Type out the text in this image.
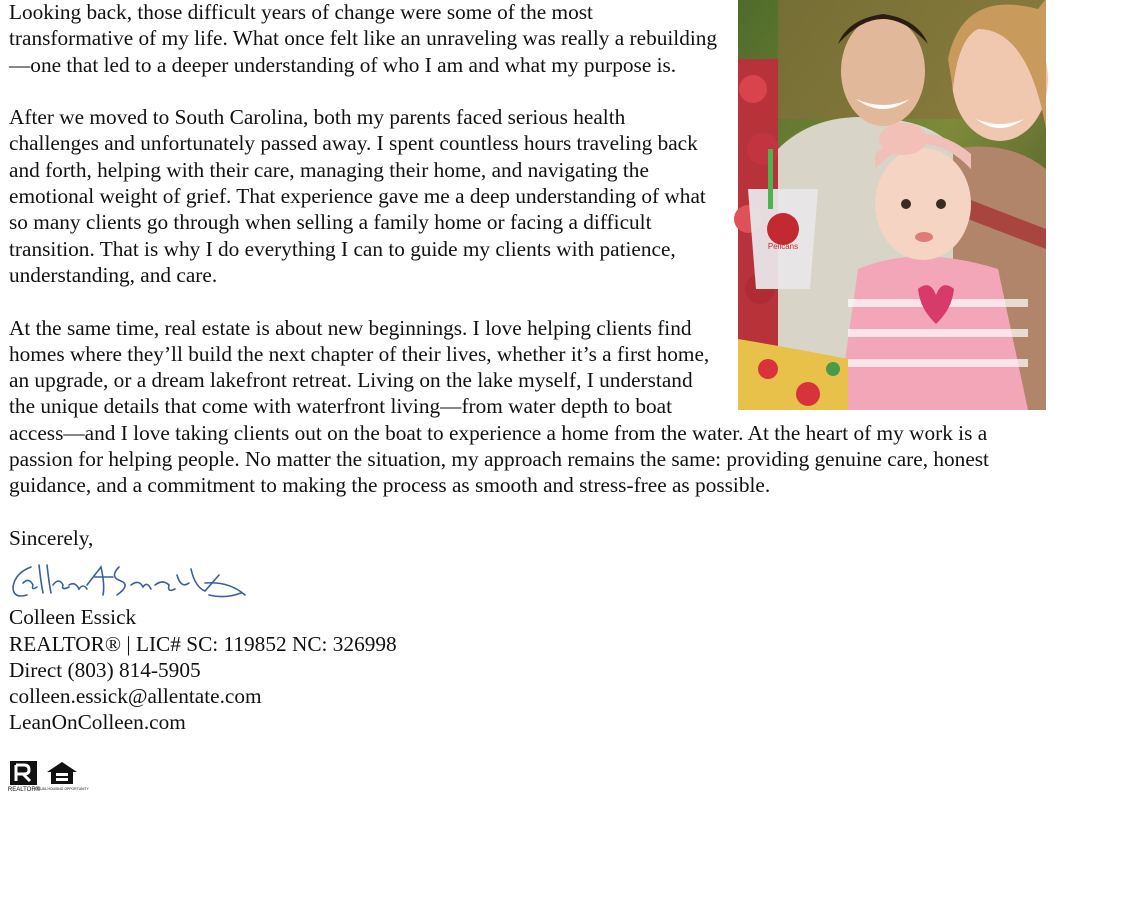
Pelicans

Looking back, those difficult years of change were some of the most transformative of my life. What once felt like an unraveling was really a rebuilding—one that led to a deeper understanding of who I am and what my purpose is.

After we moved to South Carolina, both my parents faced serious health challenges and unfortunately passed away. I spent countless hours traveling back and forth, helping with their care, managing their home, and navigating the emotional weight of grief. That experience gave me a deep understanding of what so many clients go through when selling a family home or facing a difficult transition. That is why I do everything I can to guide my clients with patience, understanding, and care.

At the same time, real estate is about new beginnings. I love helping clients find homes where they’ll build the next chapter of their lives, whether it’s a first home, an upgrade, or a dream lakefront retreat. Living on the lake myself, I understand the unique details that come with waterfront living—from water depth to boat access—and I love taking clients out on the boat to experience a home from the water. At the heart of my work is a passion for helping people. No matter the situation, my approach remains the same: providing genuine care, honest guidance, and a commitment to making the process as smooth and stress-free as possible.

Sincerely,
Colleen Essick
REALTOR® | LIC# SC: 119852 NC: 326998
Direct (803) 814-5905
colleen.essick@allentate.com
LeanOnColleen.com
REALTOR®
EQUAL HOUSING OPPORTUNITY
